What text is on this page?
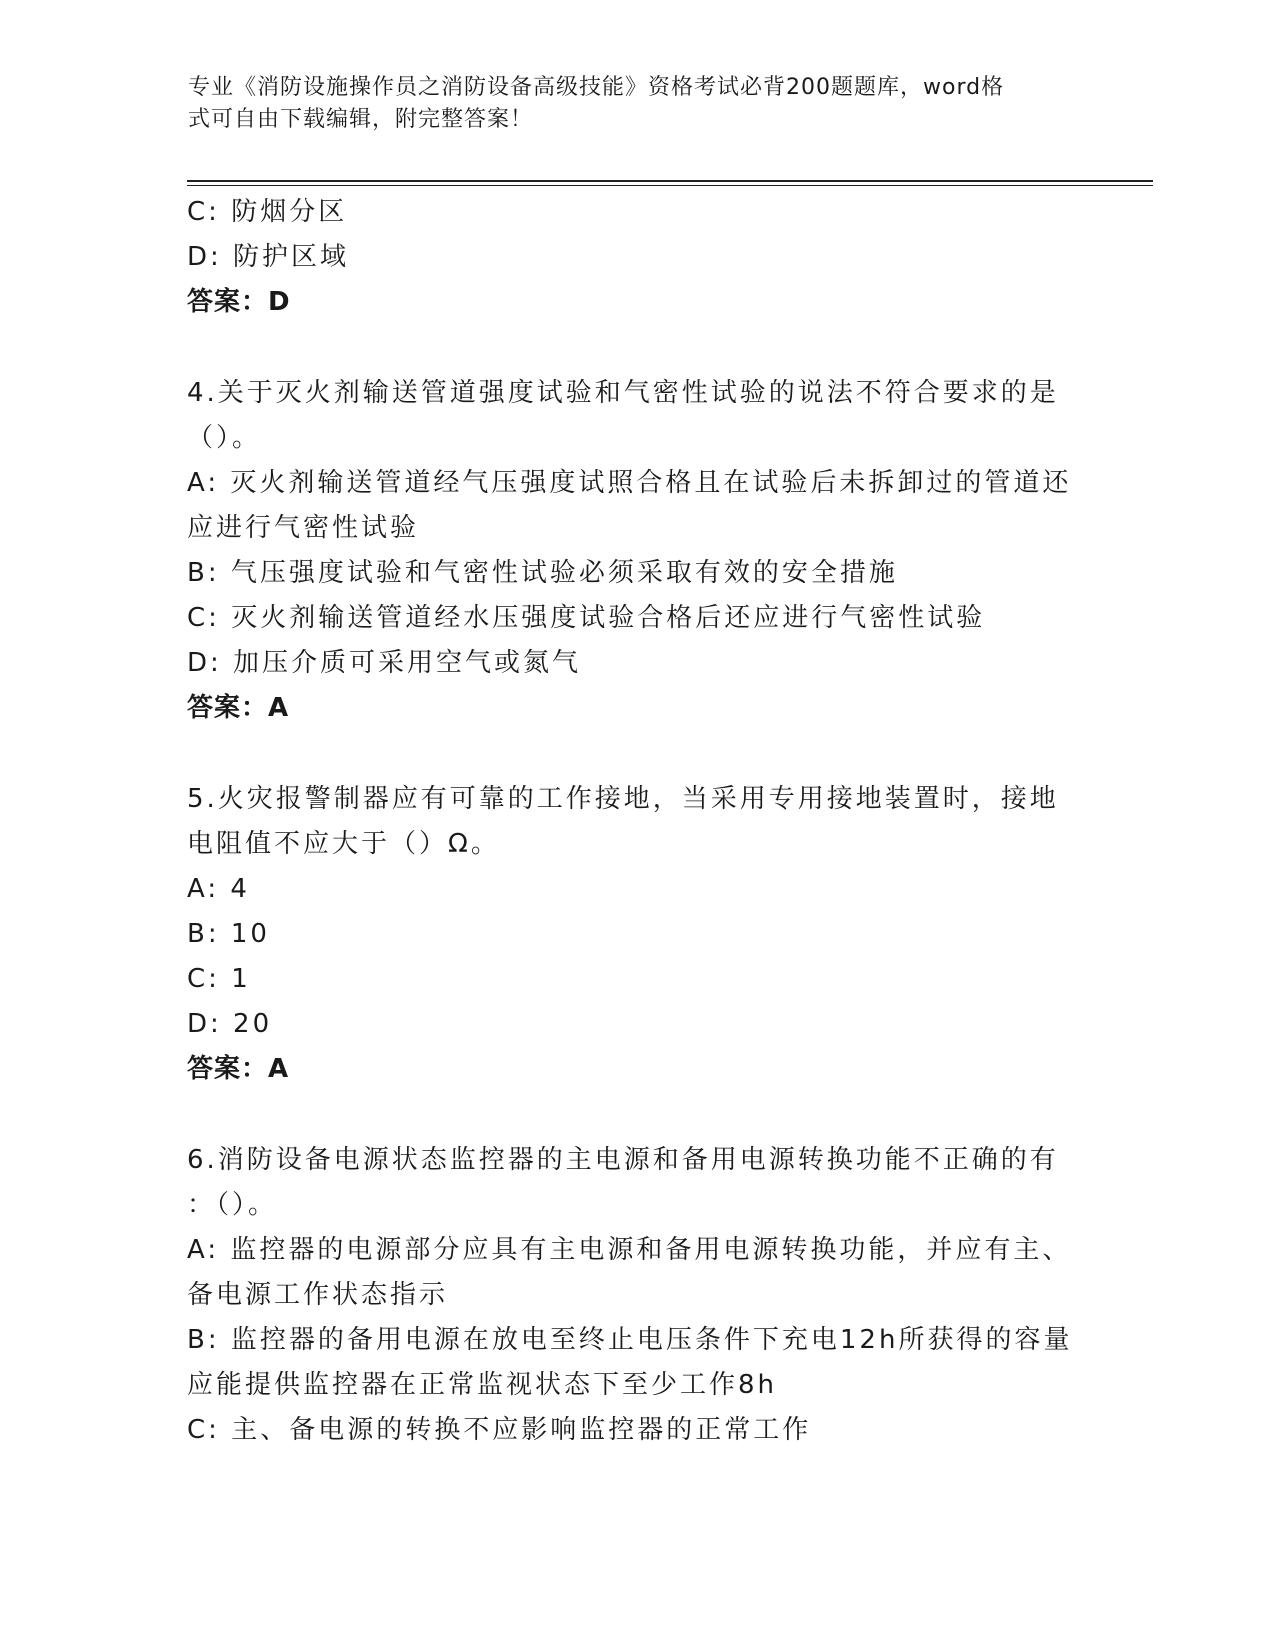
专业《消防设施操作员之消防设备高级技能》资格考试必背200题题库，word格
式可自由下载编辑，附完整答案！
C: 防烟分区
D: 防护区域
答案：D
4.关于灭火剂输送管道强度试验和气密性试验的说法不符合要求的是
（）。
A: 灭火剂输送管道经气压强度试照合格且在试验后未拆卸过的管道还
应进行气密性试验
B: 气压强度试验和气密性试验必须采取有效的安全措施
C: 灭火剂输送管道经水压强度试验合格后还应进行气密性试验
D: 加压介质可采用空气或氮气
答案：A
5.火灾报警制器应有可靠的工作接地，当采用专用接地装置时，接地
电阻值不应大于（）Ω。
A: 4
B: 10
C: 1
D: 20
答案：A
6.消防设备电源状态监控器的主电源和备用电源转换功能不正确的有
：（）。
A: 监控器的电源部分应具有主电源和备用电源转换功能，并应有主、
备电源工作状态指示
B: 监控器的备用电源在放电至终止电压条件下充电12h所获得的容量
应能提供监控器在正常监视状态下至少工作8h
C: 主、备电源的转换不应影响监控器的正常工作
